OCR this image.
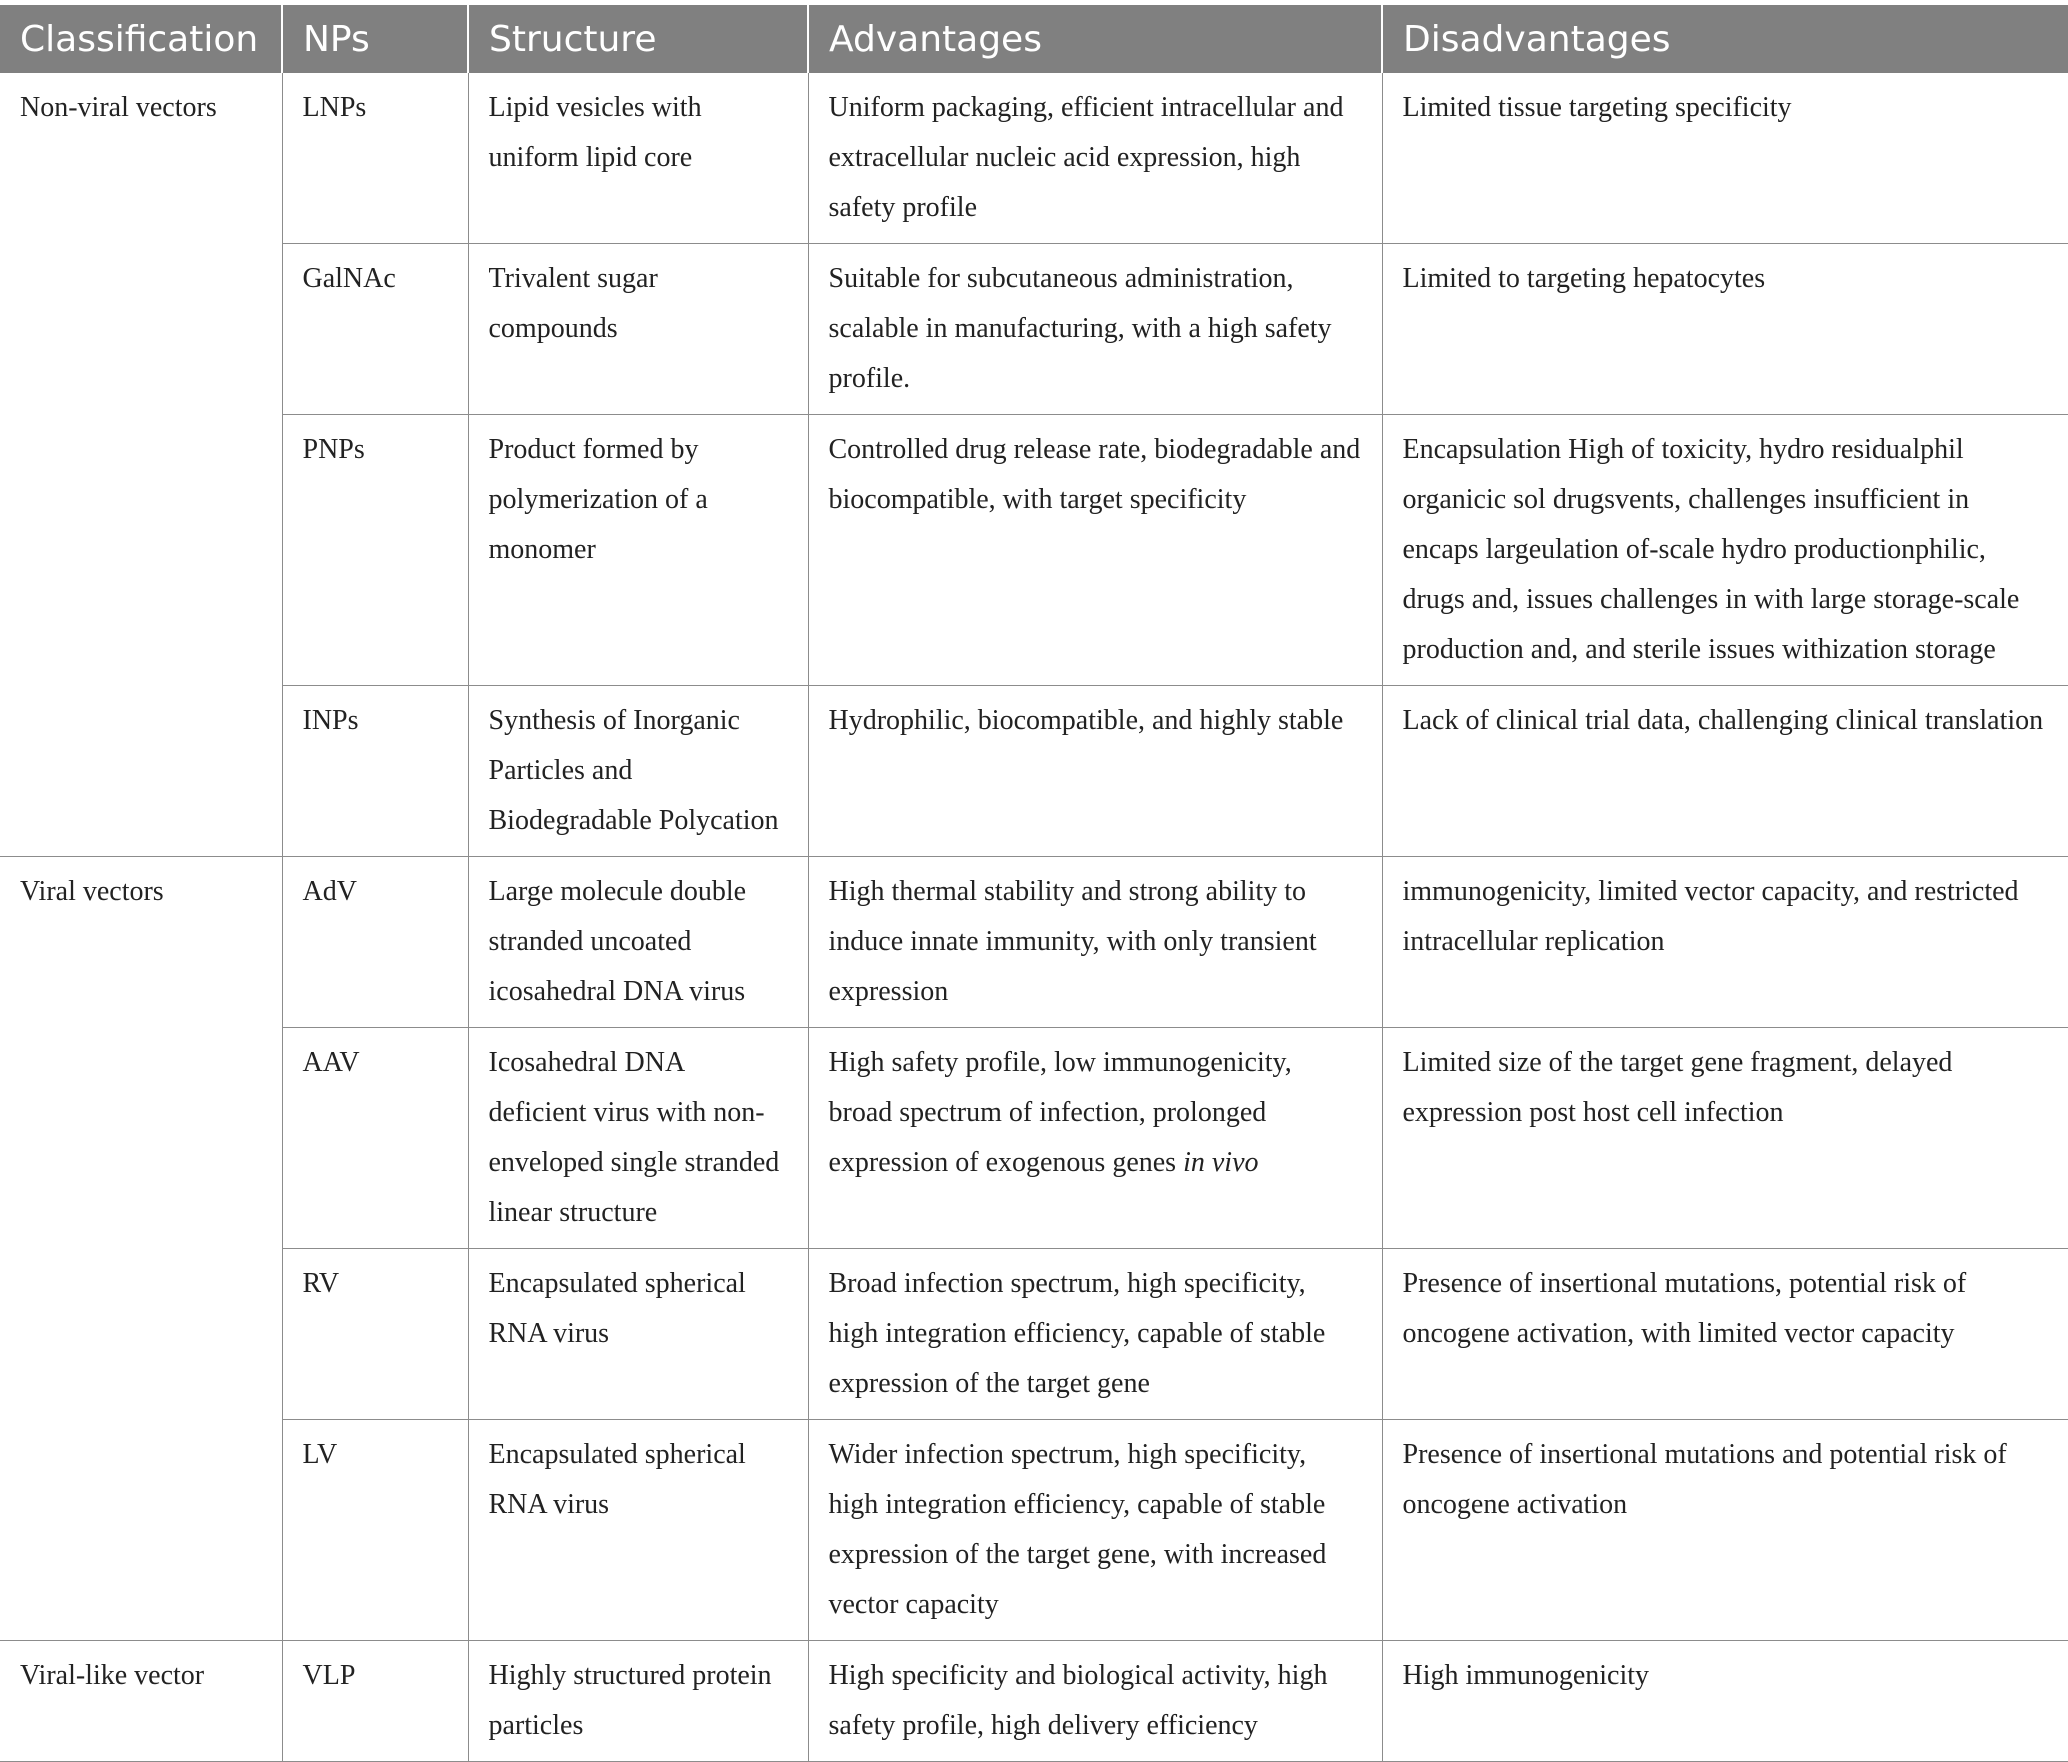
Classification	NPs	Structure	Advantages	Disadvantages
Non-viral vectors	LNPs	Lipid vesicles with uniform lipid core	Uniform packaging, efficient intracellular and extracellular nucleic acid expression, high safety profile	Limited tissue targeting specificity
	GalNAc	Trivalent sugar compounds	Suitable for subcutaneous administration, scalable in manufacturing, with a high safety profile.	Limited to targeting hepatocytes
	PNPs	Product formed by polymerization of a monomer	Controlled drug release rate, biodegradable and biocompatible, with target specificity	Encapsulation High of toxicity, hydro residualphil organicic sol drugsvents, challenges insufficient in encaps largeulation of-scale hydro productionphilic, drugs and, issues challenges in with large storage-scale production and, and sterile issues withization storage
	INPs	Synthesis of Inorganic Particles and Biodegradable Polycation	Hydrophilic, biocompatible, and highly stable	Lack of clinical trial data, challenging clinical translation
Viral vectors	AdV	Large molecule double stranded uncoated icosahedral DNA virus	High thermal stability and strong ability to induce innate immunity, with only transient expression	immunogenicity, limited vector capacity, and restricted intracellular replication
	AAV	Icosahedral DNA deficient virus with non-enveloped single stranded linear structure	High safety profile, low immunogenicity, broad spectrum of infection, prolonged expression of exogenous genes in vivo	Limited size of the target gene fragment, delayed expression post host cell infection
	RV	Encapsulated spherical RNA virus	Broad infection spectrum, high specificity, high integration efficiency, capable of stable expression of the target gene	Presence of insertional mutations, potential risk of oncogene activation, with limited vector capacity
	LV	Encapsulated spherical RNA virus	Wider infection spectrum, high specificity, high integration efficiency, capable of stable expression of the target gene, with increased vector capacity	Presence of insertional mutations and potential risk of oncogene activation
Viral-like vector	VLP	Highly structured protein particles	High specificity and biological activity, high safety profile, high delivery efficiency	High immunogenicity
